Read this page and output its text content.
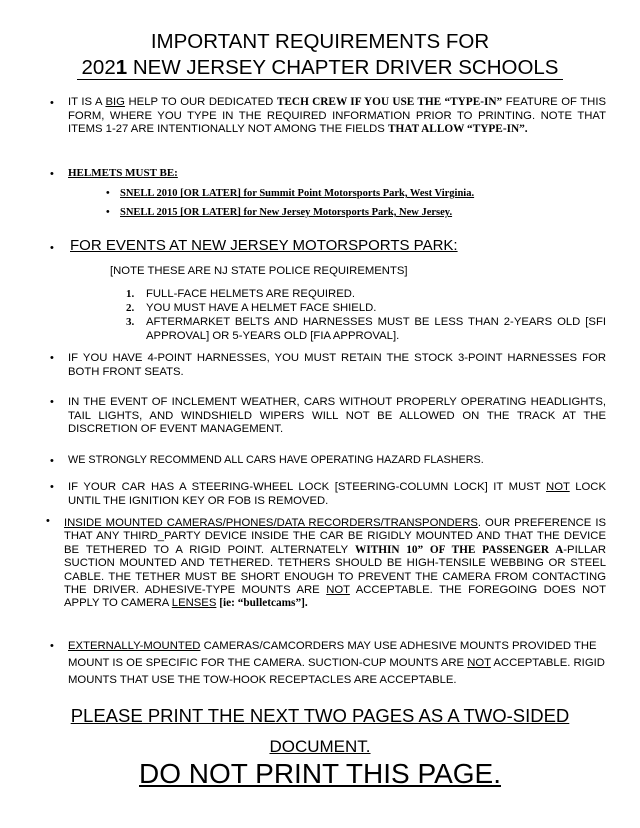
IMPORTANT REQUIREMENTS FOR
2021 NEW JERSEY CHAPTER DRIVER SCHOOLS
• IT IS A BIG HELP TO OUR DEDICATED TECH CREW IF YOU USE THE “TYPE-IN” FEATURE OF THIS FORM, WHERE YOU TYPE IN THE REQUIRED INFORMATION PRIOR TO PRINTING. NOTE THAT ITEMS 1-27 ARE INTENTIONALLY NOT AMONG THE FIELDS THAT ALLOW “TYPE-IN”.
• HELMETS MUST BE:
• SNELL 2010 [OR LATER] for Summit Point Motorsports Park, West Virginia.
• SNELL 2015 [OR LATER] for New Jersey Motorsports Park, New Jersey.
• FOR EVENTS AT NEW JERSEY MOTORSPORTS PARK:
[NOTE THESE ARE NJ STATE POLICE REQUIREMENTS]
1. FULL-FACE HELMETS ARE REQUIRED.
2. YOU MUST HAVE A HELMET FACE SHIELD.
3. AFTERMARKET BELTS AND HARNESSES MUST BE LESS THAN 2-YEARS OLD [SFI APPROVAL] OR 5-YEARS OLD [FIA APPROVAL].
• IF YOU HAVE 4-POINT HARNESSES, YOU MUST RETAIN THE STOCK 3-POINT HARNESSES FOR BOTH FRONT SEATS.
• IN THE EVENT OF INCLEMENT WEATHER, CARS WITHOUT PROPERLY OPERATING HEADLIGHTS, TAIL LIGHTS, AND WINDSHIELD WIPERS WILL NOT BE ALLOWED ON THE TRACK AT THE DISCRETION OF EVENT MANAGEMENT.
• WE STRONGLY RECOMMEND ALL CARS HAVE OPERATING HAZARD FLASHERS.
• IF YOUR CAR HAS A STEERING-WHEEL LOCK [STEERING-COLUMN LOCK] IT MUST NOT LOCK UNTIL THE IGNITION KEY OR FOB IS REMOVED.
• INSIDE MOUNTED CAMERAS/PHONES/DATA RECORDERS/TRANSPONDERS. OUR PREFERENCE IS THAT ANY THIRD_PARTY DEVICE INSIDE THE CAR BE RIGIDLY MOUNTED AND THAT THE DEVICE BE TETHERED TO A RIGID POINT. ALTERNATELY WITHIN 10” OF THE PASSENGER A-PILLAR SUCTION MOUNTED AND TETHERED. TETHERS SHOULD BE HIGH-TENSILE WEBBING OR STEEL CABLE. THE TETHER MUST BE SHORT ENOUGH TO PREVENT THE CAMERA FROM CONTACTING THE DRIVER. ADHESIVE-TYPE MOUNTS ARE NOT ACCEPTABLE. THE FOREGOING DOES NOT APPLY TO CAMERA LENSES [ie: “bulletcams”].
• EXTERNALLY-MOUNTED CAMERAS/CAMCORDERS MAY USE ADHESIVE MOUNTS PROVIDED THE MOUNT IS OE SPECIFIC FOR THE CAMERA. SUCTION-CUP MOUNTS ARE NOT ACCEPTABLE. RIGID MOUNTS THAT USE THE TOW-HOOK RECEPTACLES ARE ACCEPTABLE.
PLEASE PRINT THE NEXT TWO PAGES AS A TWO-SIDED
DOCUMENT.
DO NOT PRINT THIS PAGE.
